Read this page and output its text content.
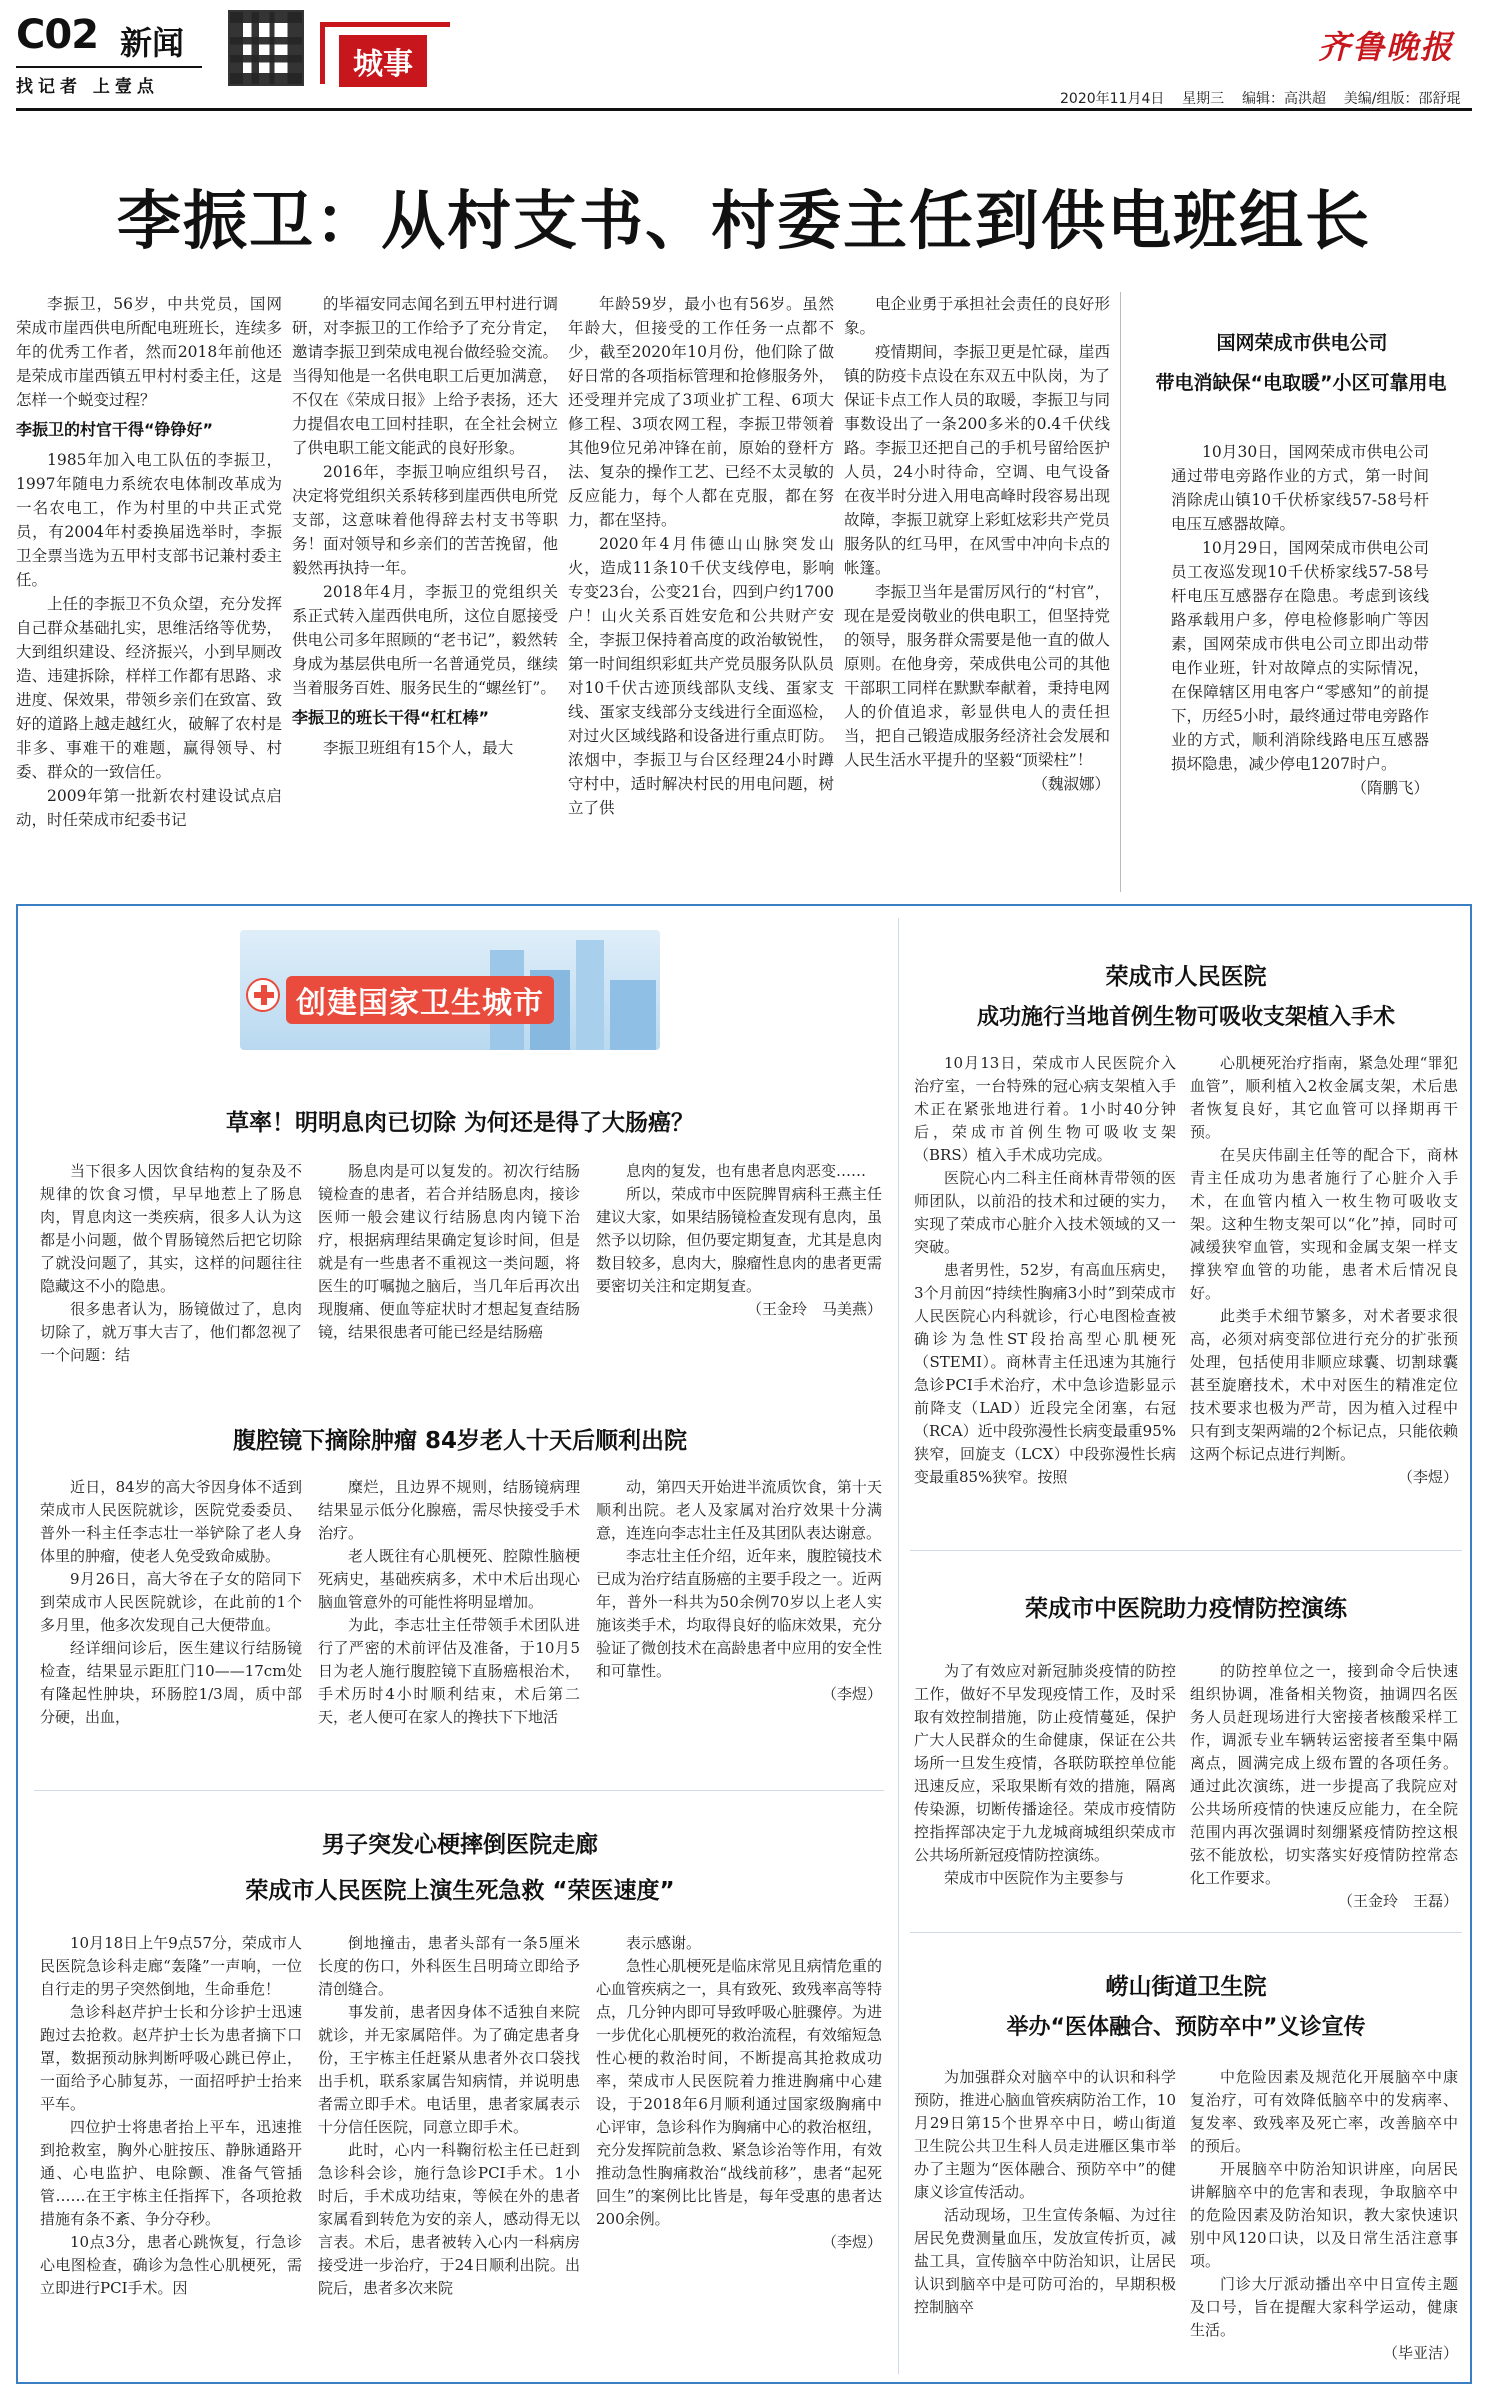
C02 新闻
找记者 上壹点
城事	齐鲁晚报
2020年11月4日 星期三 编辑：高洪超 美编/组版：邵舒琨
李振卫：从村支书、村委主任到供电班组长

李振卫，56岁，中共党员，国网荣成市崖西供电所配电班班长，连续多年的优秀工作者，然而2018年前他还是荣成市崖西镇五甲村村委主任，这是怎样一个蜕变过程？

李振卫的村官干得“铮铮好”

1985年加入电工队伍的李振卫，1997年随电力系统农电体制改革成为一名农电工，作为村里的中共正式党员，有2004年村委换届选举时，李振卫全票当选为五甲村支部书记兼村委主任。

上任的李振卫不负众望，充分发挥自己群众基础扎实，思维活络等优势，大到组织建设、经济振兴，小到早厕改造、违建拆除，样样工作都有思路、求进度、保效果，带领乡亲们在致富、致好的道路上越走越红火，破解了农村是非多、事难干的难题，赢得领导、村委、群众的一致信任。

2009年第一批新农村建设试点启动，时任荣成市纪委书记

的毕福安同志闻名到五甲村进行调研，对李振卫的工作给予了充分肯定，邀请李振卫到荣成电视台做经验交流。当得知他是一名供电职工后更加满意，不仅在《荣成日报》上给予表扬，还大力提倡农电工回村挂职，在全社会树立了供电职工能文能武的良好形象。

2016年，李振卫响应组织号召，决定将党组织关系转移到崖西供电所党支部，这意味着他得辞去村支书等职务！面对领导和乡亲们的苦苦挽留，他毅然再执持一年。

2018年4月，李振卫的党组织关系正式转入崖西供电所，这位自愿接受供电公司多年照顾的“老书记”，毅然转身成为基层供电所一名普通党员，继续当着服务百姓、服务民生的“螺丝钉”。

李振卫的班长干得“杠杠棒”

李振卫班组有15个人，最大

年龄59岁，最小也有56岁。虽然年龄大，但接受的工作任务一点都不少，截至2020年10月份，他们除了做好日常的各项指标管理和抢修服务外，还受理并完成了3项业扩工程、6项大修工程、3项农网工程，李振卫带领着其他9位兄弟冲锋在前，原始的登杆方法、复杂的操作工艺、已经不太灵敏的反应能力，每个人都在克服，都在努力，都在坚持。

2020年4月伟德山山脉突发山火，造成11条10千伏支线停电，影响专变23台，公变21台，四到户约1700户！山火关系百姓安危和公共财产安全，李振卫保持着高度的政治敏锐性，第一时间组织彩虹共产党员服务队队员对10千伏古迹顶线部队支线、蛋家支线、蛋家支线部分支线进行全面巡检，对过火区域线路和设备进行重点盯防。浓烟中，李振卫与台区经理24小时蹲守村中，适时解决村民的用电问题，树立了供

电企业勇于承担社会责任的良好形象。

疫情期间，李振卫更是忙碌，崖西镇的防疫卡点设在东双五中队岗，为了保证卡点工作人员的取暖，李振卫与同事数设出了一条200多米的0.4千伏线路。李振卫还把自己的手机号留给医护人员，24小时待命，空调、电气设备在夜半时分进入用电高峰时段容易出现故障，李振卫就穿上彩虹炫彩共产党员服务队的红马甲，在风雪中冲向卡点的帐篷。

李振卫当年是雷厉风行的“村官”，现在是爱岗敬业的供电职工，但坚持党的领导，服务群众需要是他一直的做人原则。在他身旁，荣成供电公司的其他干部职工同样在默默奉献着，秉持电网人的价值追求，彰显供电人的责任担当，把自己锻造成服务经济社会发展和人民生活水平提升的坚毅“顶梁柱”！

（魏淑娜）

国网荣成市供电公司
带电消缺保“电取暖”小区可靠用电

10月30日，国网荣成市供电公司通过带电旁路作业的方式，第一时间消除虎山镇10千伏桥家线57-58号杆电压互感器故障。

10月29日，国网荣成市供电公司员工夜巡发现10千伏桥家线57-58号杆电压互感器存在隐患。考虑到该线路承载用户多，停电检修影响广等因素，国网荣成市供电公司立即出动带电作业班，针对故障点的实际情况，在保障辖区用电客户“零感知”的前提下，历经5小时，最终通过带电旁路作业的方式，顺利消除线路电压互感器损坏隐患，减少停电1207时户。

（隋鹏飞）

创建国家卫生城市
草率！明明息肉已切除 为何还是得了大肠癌？

当下很多人因饮食结构的复杂及不规律的饮食习惯，早早地惹上了肠息肉，胃息肉这一类疾病，很多人认为这都是小问题，做个胃肠镜然后把它切除了就没问题了，其实，这样的问题往往隐藏这不小的隐患。

很多患者认为，肠镜做过了，息肉切除了，就万事大吉了，他们都忽视了一个问题：结

肠息肉是可以复发的。初次行结肠镜检查的患者，若合并结肠息肉，接诊医师一般会建议行结肠息肉内镜下治疗，根据病理结果确定复诊时间，但是就是有一些患者不重视这一类问题，将医生的叮嘱抛之脑后，当几年后再次出现腹痛、便血等症状时才想起复查结肠镜，结果很患者可能已经是结肠癌

息肉的复发，也有患者息肉恶变……

所以，荣成市中医院脾胃病科王燕主任建议大家，如果结肠镜检查发现有息肉，虽然予以切除，但仍要定期复查，尤其是息肉数目较多，息肉大，腺瘤性息肉的患者更需要密切关注和定期复查。

（王金玲　马美燕）

腹腔镜下摘除肿瘤 84岁老人十天后顺利出院

近日，84岁的高大爷因身体不适到荣成市人民医院就诊，医院党委委员、普外一科主任李志壮一举铲除了老人身体里的肿瘤，使老人免受致命威胁。

9月26日，高大爷在子女的陪同下到荣成市人民医院就诊，在此前的1个多月里，他多次发现自己大便带血。

经详细问诊后，医生建议行结肠镜检查，结果显示距肛门10——17cm处有隆起性肿块，环肠腔1/3周，质中部分硬，出血，

糜烂，且边界不规则，结肠镜病理结果显示低分化腺癌，需尽快接受手术治疗。

老人既往有心肌梗死、腔隙性脑梗死病史，基础疾病多，术中术后出现心脑血管意外的可能性将明显增加。

为此，李志壮主任带领手术团队进行了严密的术前评估及准备，于10月5日为老人施行腹腔镜下直肠癌根治术，手术历时4小时顺利结束，术后第二天，老人便可在家人的搀扶下下地活

动，第四天开始进半流质饮食，第十天顺利出院。老人及家属对治疗效果十分满意，连连向李志壮主任及其团队表达谢意。

李志壮主任介绍，近年来，腹腔镜技术已成为治疗结直肠癌的主要手段之一。近两年，普外一科共为50余例70岁以上老人实施该类手术，均取得良好的临床效果，充分验证了微创技术在高龄患者中应用的安全性和可靠性。

（李煜）

男子突发心梗摔倒医院走廊
荣成市人民医院上演生死急救 “荣医速度”

10月18日上午9点57分，荣成市人民医院急诊科走廊“轰隆”一声响，一位自行走的男子突然倒地，生命垂危！

急诊科赵芹护士长和分诊护士迅速跑过去抢救。赵芹护士长为患者摘下口罩，数据预动脉判断呼吸心跳已停止，一面给予心肺复苏，一面招呼护士抬来平车。

四位护士将患者抬上平车，迅速推到抢救室，胸外心脏按压、静脉通路开通、心电监护、电除颤、准备气管插管……在王宇栋主任指挥下，各项抢救措施有条不紊、争分夺秒。

10点3分，患者心跳恢复，行急诊心电图检查，确诊为急性心肌梗死，需立即进行PCI手术。因

倒地撞击，患者头部有一条5厘米长度的伤口，外科医生吕明琦立即给予清创缝合。

事发前，患者因身体不适独自来院就诊，并无家属陪伴。为了确定患者身份，王宇栋主任赶紧从患者外衣口袋找出手机，联系家属告知病情，并说明患者需立即手术。电话里，患者家属表示十分信任医院，同意立即手术。

此时，心内一科鞠衍松主任已赶到急诊科会诊，施行急诊PCI手术。1小时后，手术成功结束，等候在外的患者家属看到转危为安的亲人，感动得无以言表。术后，患者被转入心内一科病房接受进一步治疗，于24日顺利出院。出院后，患者多次来院

表示感谢。

急性心肌梗死是临床常见且病情危重的心血管疾病之一，具有致死、致残率高等特点，几分钟内即可导致呼吸心脏骤停。为进一步优化心肌梗死的救治流程，有效缩短急性心梗的救治时间，不断提高其抢救成功率，荣成市人民医院着力推进胸痛中心建设，于2018年6月顺利通过国家级胸痛中心评审，急诊科作为胸痛中心的救治枢纽，充分发挥院前急救、紧急诊治等作用，有效推动急性胸痛救治“战线前移”，患者“起死回生”的案例比比皆是，每年受惠的患者达200余例。

（李煜）

荣成市人民医院
成功施行当地首例生物可吸收支架植入手术

10月13日，荣成市人民医院介入治疗室，一台特殊的冠心病支架植入手术正在紧张地进行着。1小时40分钟后，荣成市首例生物可吸收支架（BRS）植入手术成功完成。

医院心内二科主任商林青带领的医师团队，以前沿的技术和过硬的实力，实现了荣成市心脏介入技术领域的又一突破。

患者男性，52岁，有高血压病史，3个月前因“持续性胸痛3小时”到荣成市人民医院心内科就诊，行心电图检查被确诊为急性ST段抬高型心肌梗死（STEMI）。商林青主任迅速为其施行急诊PCI手术治疗，术中急诊造影显示前降支（LAD）近段完全闭塞，右冠（RCA）近中段弥漫性长病变最重95%狭窄，回旋支（LCX）中段弥漫性长病变最重85%狭窄。按照

心肌梗死治疗指南，紧急处理“罪犯血管”，顺利植入2枚金属支架，术后患者恢复良好，其它血管可以择期再干预。

在吴庆伟副主任等的配合下，商林青主任成功为患者施行了心脏介入手术，在血管内植入一枚生物可吸收支架。这种生物支架可以“化”掉，同时可减缓狭窄血管，实现和金属支架一样支撑狭窄血管的功能，患者术后情况良好。

此类手术细节繁多，对术者要求很高，必须对病变部位进行充分的扩张预处理，包括使用非顺应球囊、切割球囊甚至旋磨技术，术中对医生的精准定位技术要求也极为严苛，因为植入过程中只有到支架两端的2个标记点，只能依赖这两个标记点进行判断。

（李煜）

荣成市中医院助力疫情防控演练

为了有效应对新冠肺炎疫情的防控工作，做好不早发现疫情工作，及时采取有效控制措施，防止疫情蔓延，保护广大人民群众的生命健康，保证在公共场所一旦发生疫情，各联防联控单位能迅速反应，采取果断有效的措施，隔离传染源，切断传播途径。荣成市疫情防控指挥部决定于九龙城商城组织荣成市公共场所新冠疫情防控演练。

荣成市中医院作为主要参与

的防控单位之一，接到命令后快速组织协调，准备相关物资，抽调四名医务人员赶现场进行大密接者核酸采样工作，调派专业车辆转运密接者至集中隔离点，圆满完成上级布置的各项任务。通过此次演练，进一步提高了我院应对公共场所疫情的快速反应能力，在全院范围内再次强调时刻绷紧疫情防控这根弦不能放松，切实落实好疫情防控常态化工作要求。

（王金玲　王磊）

崂山街道卫生院
举办“医体融合、预防卒中”义诊宣传

为加强群众对脑卒中的认识和科学预防，推进心脑血管疾病防治工作，10月29日第15个世界卒中日，崂山街道卫生院公共卫生科人员走进雁区集市举办了主题为“医体融合、预防卒中”的健康义诊宣传活动。

活动现场，卫生宣传条幅、为过往居民免费测量血压，发放宣传折页，减盐工具，宣传脑卒中防治知识，让居民认识到脑卒中是可防可治的，早期积极控制脑卒

中危险因素及规范化开展脑卒中康复治疗，可有效降低脑卒中的发病率、复发率、致残率及死亡率，改善脑卒中的预后。

开展脑卒中防治知识讲座，向居民讲解脑卒中的危害和表现，争取脑卒中的危险因素及防治知识，教大家快速识别中风120口诀，以及日常生活注意事项。

门诊大厅派动播出卒中日宣传主题及口号，旨在提醒大家科学运动，健康生活。

（毕亚洁）
